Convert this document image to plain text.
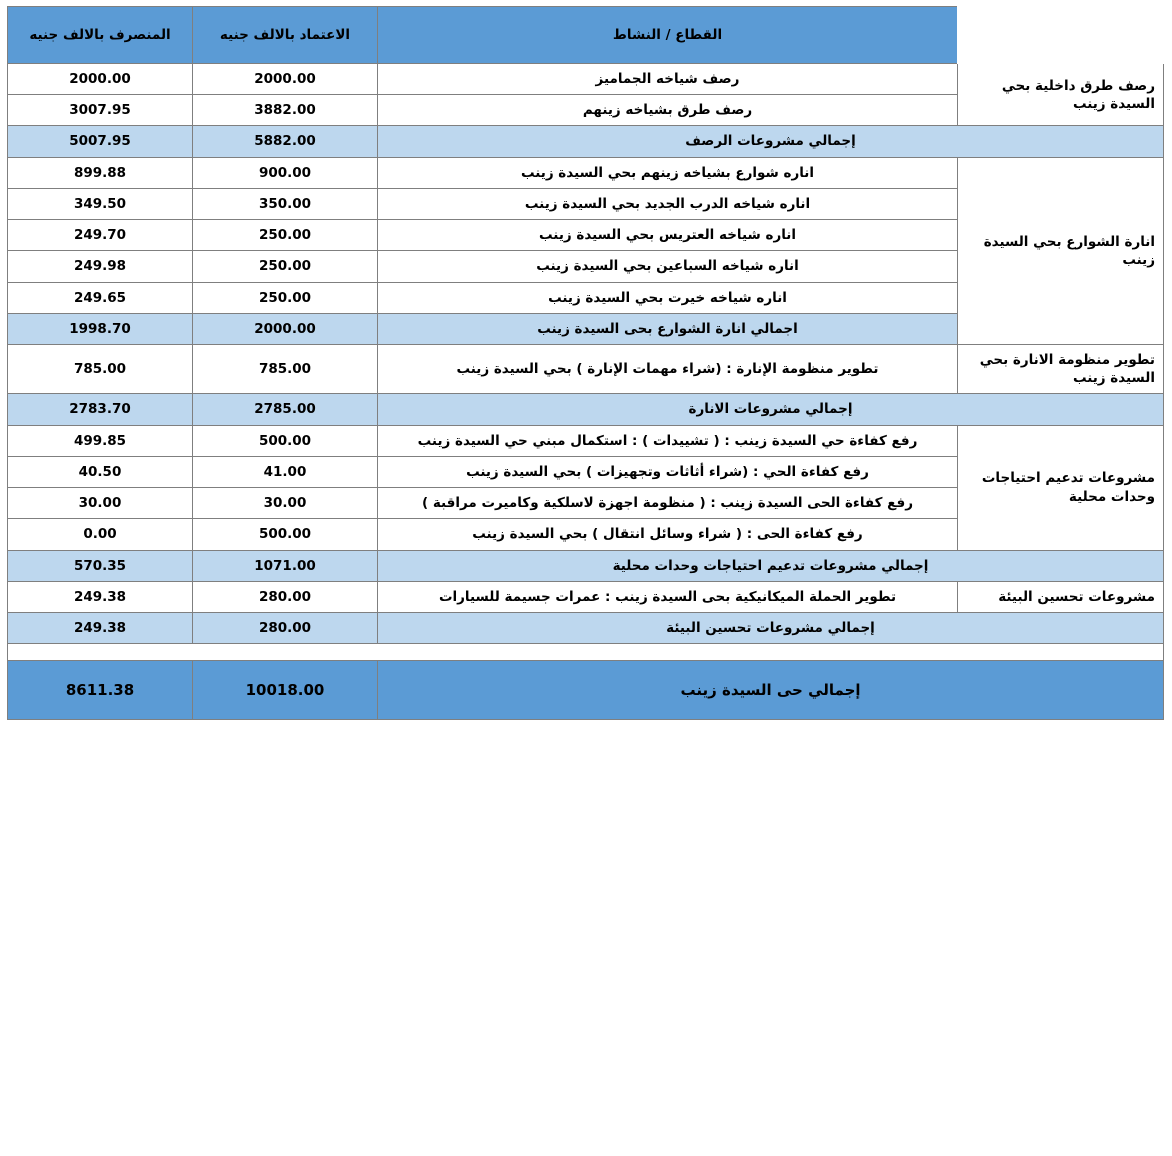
	القطاع / النشاط	الاعتماد بالالف جنيه	المنصرف بالالف جنيه
رصف طرق داخلية بحي السيدة زينب	رصف شياخه الجماميز	2000.00	2000.00
	رصف طرق بشياخه زينهم	3882.00	3007.95
إجمالي مشروعات الرصف		5882.00	5007.95
انارة الشوارع بحي السيدة زينب	اناره شوارع بشياخه زينهم بحي السيدة زينب	900.00	899.88
	اناره شياخه الدرب الجديد بحي السيدة زينب	350.00	349.50
	اناره شياخه العتريس بحي السيدة زينب	250.00	249.70
	اناره شياخه السباعين بحي السيدة زينب	250.00	249.98
	اناره شياخه خيرت بحي السيدة زينب	250.00	249.65
	اجمالي انارة الشوارع بحى السيدة زينب	2000.00	1998.70
تطوير منظومة الانارة بحي السيدة زينب	تطوير منظومة الإنارة : (شراء مهمات الإنارة ) بحي السيدة زينب	785.00	785.00
إجمالي مشروعات الانارة		2785.00	2783.70
مشروعات تدعيم احتياجات وحدات محلية	رفع كفاءة حي السيدة زينب : ( تشييدات ) : استكمال مبني حي السيدة زينب	500.00	499.85
	رفع كفاءة الحي : (شراء أثاثات وتجهيزات ) بحي السيدة زينب	41.00	40.50
	رفع كفاءة الحى السيدة زينب : ( منظومة اجهزة لاسلكية وكاميرت مراقبة )	30.00	30.00
	رفع كفاءة الحى : ( شراء وسائل انتقال ) بحي السيدة زينب	500.00	0.00
إجمالي مشروعات تدعيم احتياجات وحدات محلية		1071.00	570.35
مشروعات تحسين البيئة	تطوير الحملة الميكانيكية بحى السيدة زينب : عمرات جسيمة للسيارات	280.00	249.38
إجمالي مشروعات تحسين البيئة		280.00	249.38

إجمالي حى السيدة زينب		10018.00	8611.38
